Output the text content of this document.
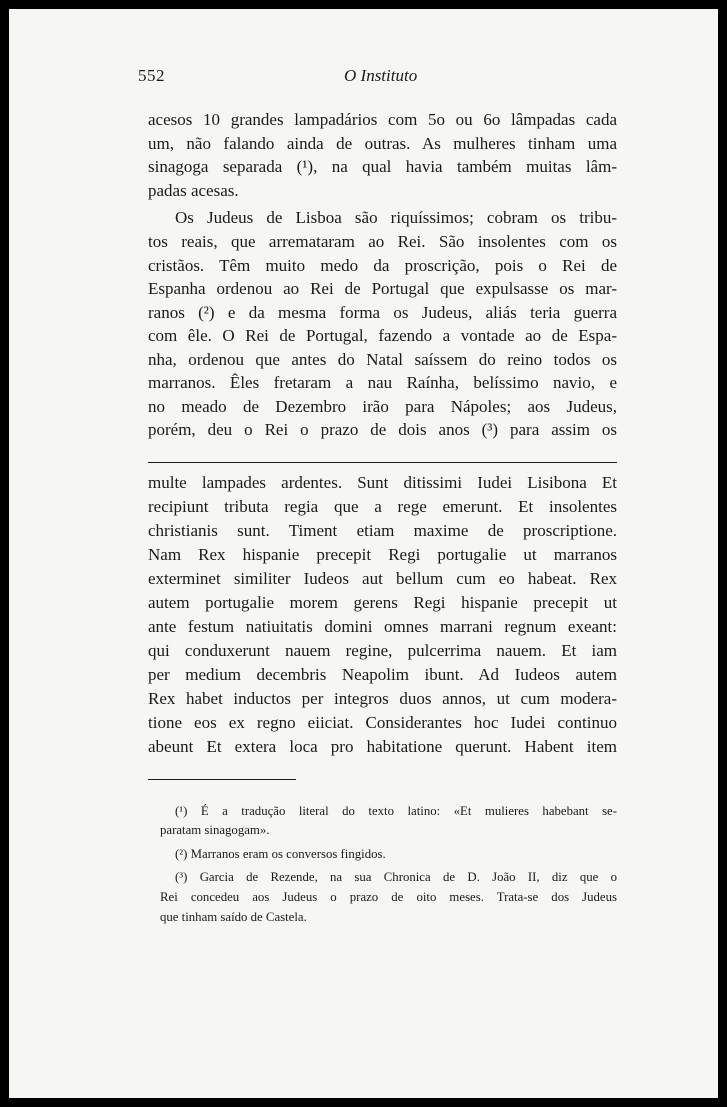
552	O Instituto

acesos 10 grandes lampadários com 5o ou 6o lâmpadas cada

um, não falando ainda de outras. As mulheres tinham uma

sinagoga separada (¹), na qual havia também muitas lâm-

padas acesas.

Os Judeus de Lisboa são riquíssimos; cobram os tribu-

tos reais, que arremataram ao Rei. São insolentes com os

cristãos. Têm muito medo da proscrição, pois o Rei de

Espanha ordenou ao Rei de Portugal que expulsasse os mar-

ranos (²) e da mesma forma os Judeus, aliás teria guerra

com êle. O Rei de Portugal, fazendo a vontade ao de Espa-

nha, ordenou que antes do Natal saíssem do reino todos os

marranos. Êles fretaram a nau Raínha, belíssimo navio, e

no meado de Dezembro irão para Nápoles; aos Judeus,

porém, deu o Rei o prazo de dois anos (³) para assim os

multe lampades ardentes. Sunt ditissimi Iudei Lisibona Et

recipiunt tributa regia que a rege emerunt. Et insolentes

christianis sunt. Timent etiam maxime de proscriptione.

Nam Rex hispanie precepit Regi portugalie ut marranos

exterminet similiter Iudeos aut bellum cum eo habeat. Rex

autem portugalie morem gerens Regi hispanie precepit ut

ante festum natiuitatis domini omnes marrani regnum exeant:

qui conduxerunt nauem regine, pulcerrima nauem. Et iam

per medium decembris Neapolim ibunt. Ad Iudeos autem

Rex habet inductos per integros duos annos, ut cum modera-

tione eos ex regno eiiciat. Considerantes hoc Iudei continuo

abeunt Et extera loca pro habitatione querunt. Habent item

(¹) É a tradução literal do texto latino: «Et mulieres habebant se-
paratam sinagogam».
(²) Marranos eram os conversos fingidos.
(³) Garcia de Rezende, na sua Chronica de D. João II, diz que o
Rei concedeu aos Judeus o prazo de oito meses. Trata-se dos Judeus
que tinham saído de Castela.
